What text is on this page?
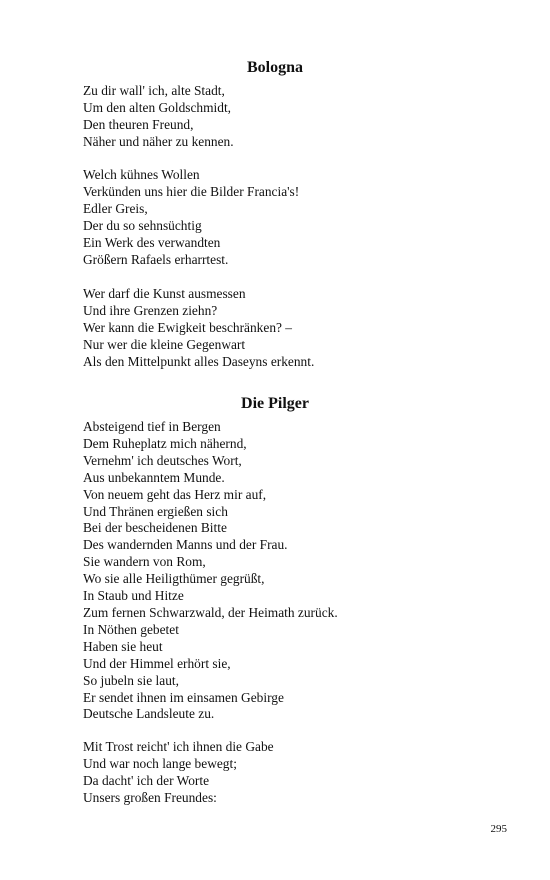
Bologna
Zu dir wall' ich, alte Stadt,
Um den alten Goldschmidt,
Den theuren Freund,
Näher und näher zu kennen.
Welch kühnes Wollen
Verkünden uns hier die Bilder Francia's!
Edler Greis,
Der du so sehnsüchtig
Ein Werk des verwandten
Größern Rafaels erharrtest.
Wer darf die Kunst ausmessen
Und ihre Grenzen ziehn?
Wer kann die Ewigkeit beschränken? –
Nur wer die kleine Gegenwart
Als den Mittelpunkt alles Daseyns erkennt.
Die Pilger
Absteigend tief in Bergen
Dem Ruheplatz mich nähernd,
Vernehm' ich deutsches Wort,
Aus unbekanntem Munde.
Von neuem geht das Herz mir auf,
Und Thränen ergießen sich
Bei der bescheidenen Bitte
Des wandernden Manns und der Frau.
Sie wandern von Rom,
Wo sie alle Heiligthümer gegrüßt,
In Staub und Hitze
Zum fernen Schwarzwald, der Heimath zurück.
In Nöthen gebetet
Haben sie heut
Und der Himmel erhört sie,
So jubeln sie laut,
Er sendet ihnen im einsamen Gebirge
Deutsche Landsleute zu.
Mit Trost reicht' ich ihnen die Gabe
Und war noch lange bewegt;
Da dacht' ich der Worte
Unsers großen Freundes:
295
